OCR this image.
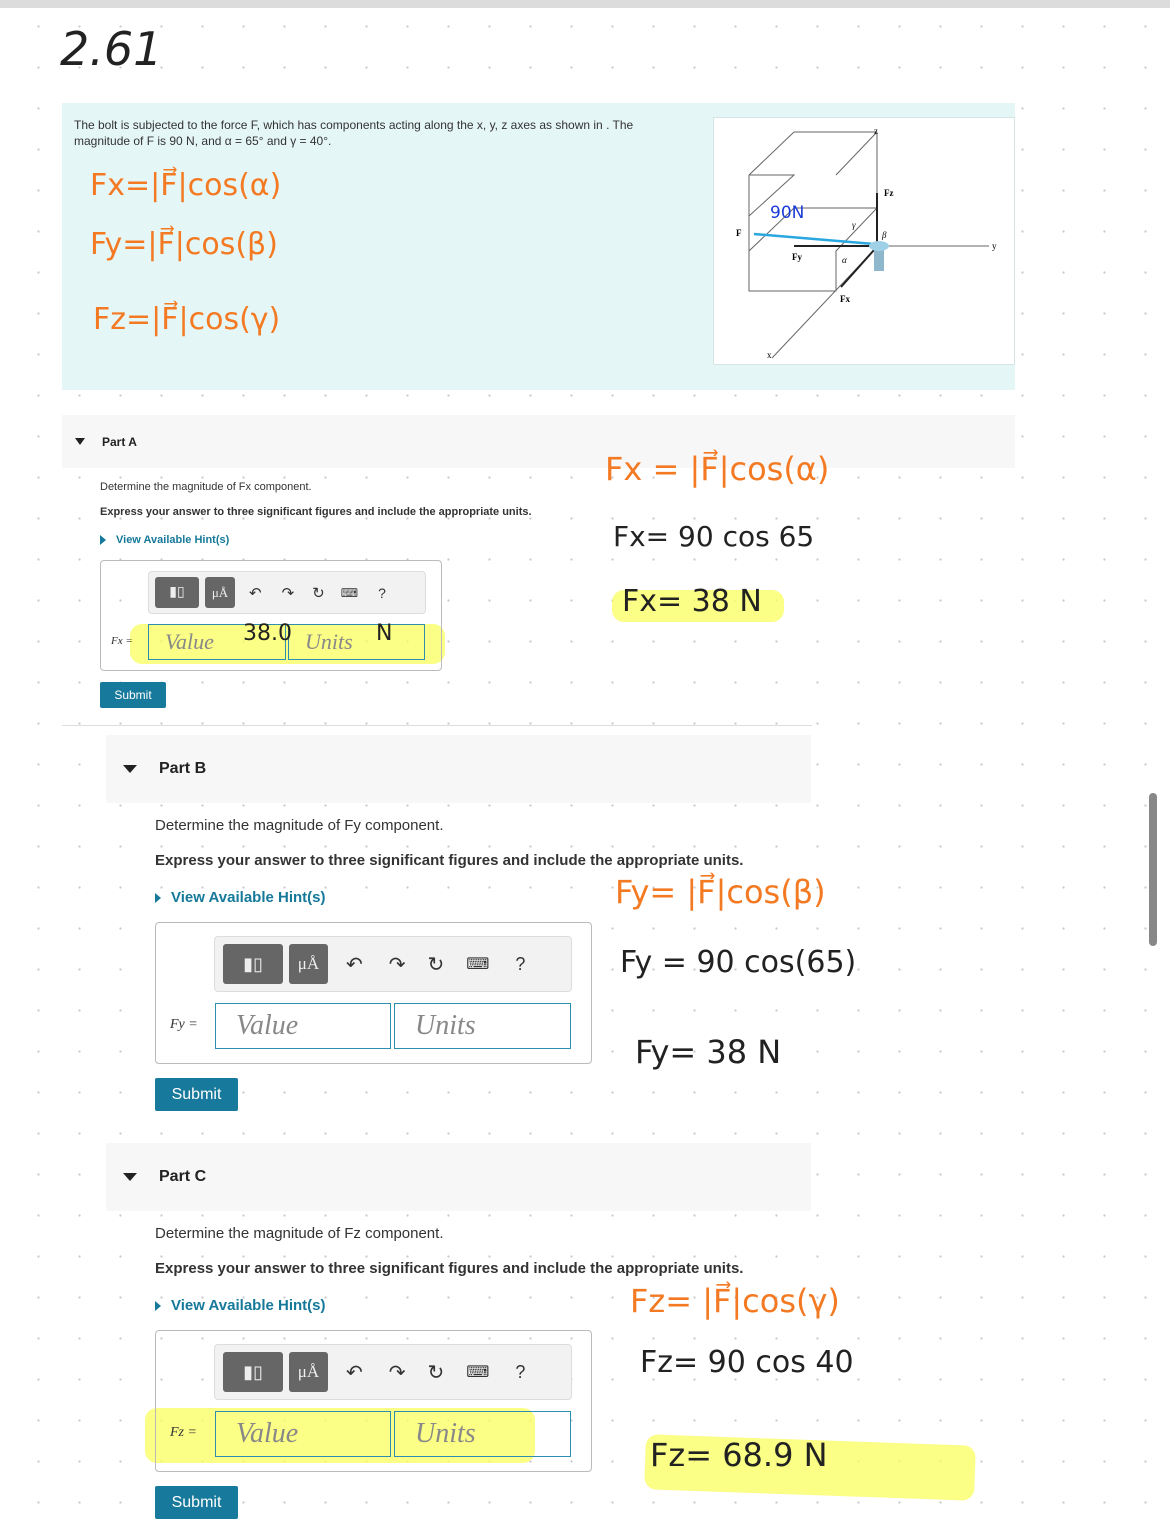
2.61
The bolt is subjected to the force F, which has components acting along the x, y, z axes as shown in . The
magnitude of F is 90 N, and α = 65° and γ = 40°.
z
y
x
F
Fz
Fy
Fx
α
β
γ
90N
Fx=|F⃗|cos(α)
Fy=|F⃗|cos(β)
Fz=|F⃗|cos(γ)
Part A
Determine the magnitude of Fx component.
Express your answer to three significant figures and include the appropriate units.
View Available Hint(s)
▮▯	μÅ	↶ ↷ ↻ ⌨ ?
Fx = Value	Units
38.0	N
Submit
Fx = |F⃗|cos(α)
Fx= 90 cos 65
Fx= 38 N
Part B
Determine the magnitude of Fy component.
Express your answer to three significant figures and include the appropriate units.
View Available Hint(s)
▮▯	μÅ	↶ ↷ ↻ ⌨ ?
Fy = Value	Units
Submit
Fy= |F⃗|cos(β)
Fy = 90 cos(65)
Fy= 38 N
Part C
Determine the magnitude of Fz component.
Express your answer to three significant figures and include the appropriate units.
View Available Hint(s)
▮▯	μÅ	↶ ↷ ↻ ⌨ ?
Fz = Value	Units
Submit
Fz= |F⃗|cos(γ)
Fz= 90 cos 40
Fz= 68.9 N
